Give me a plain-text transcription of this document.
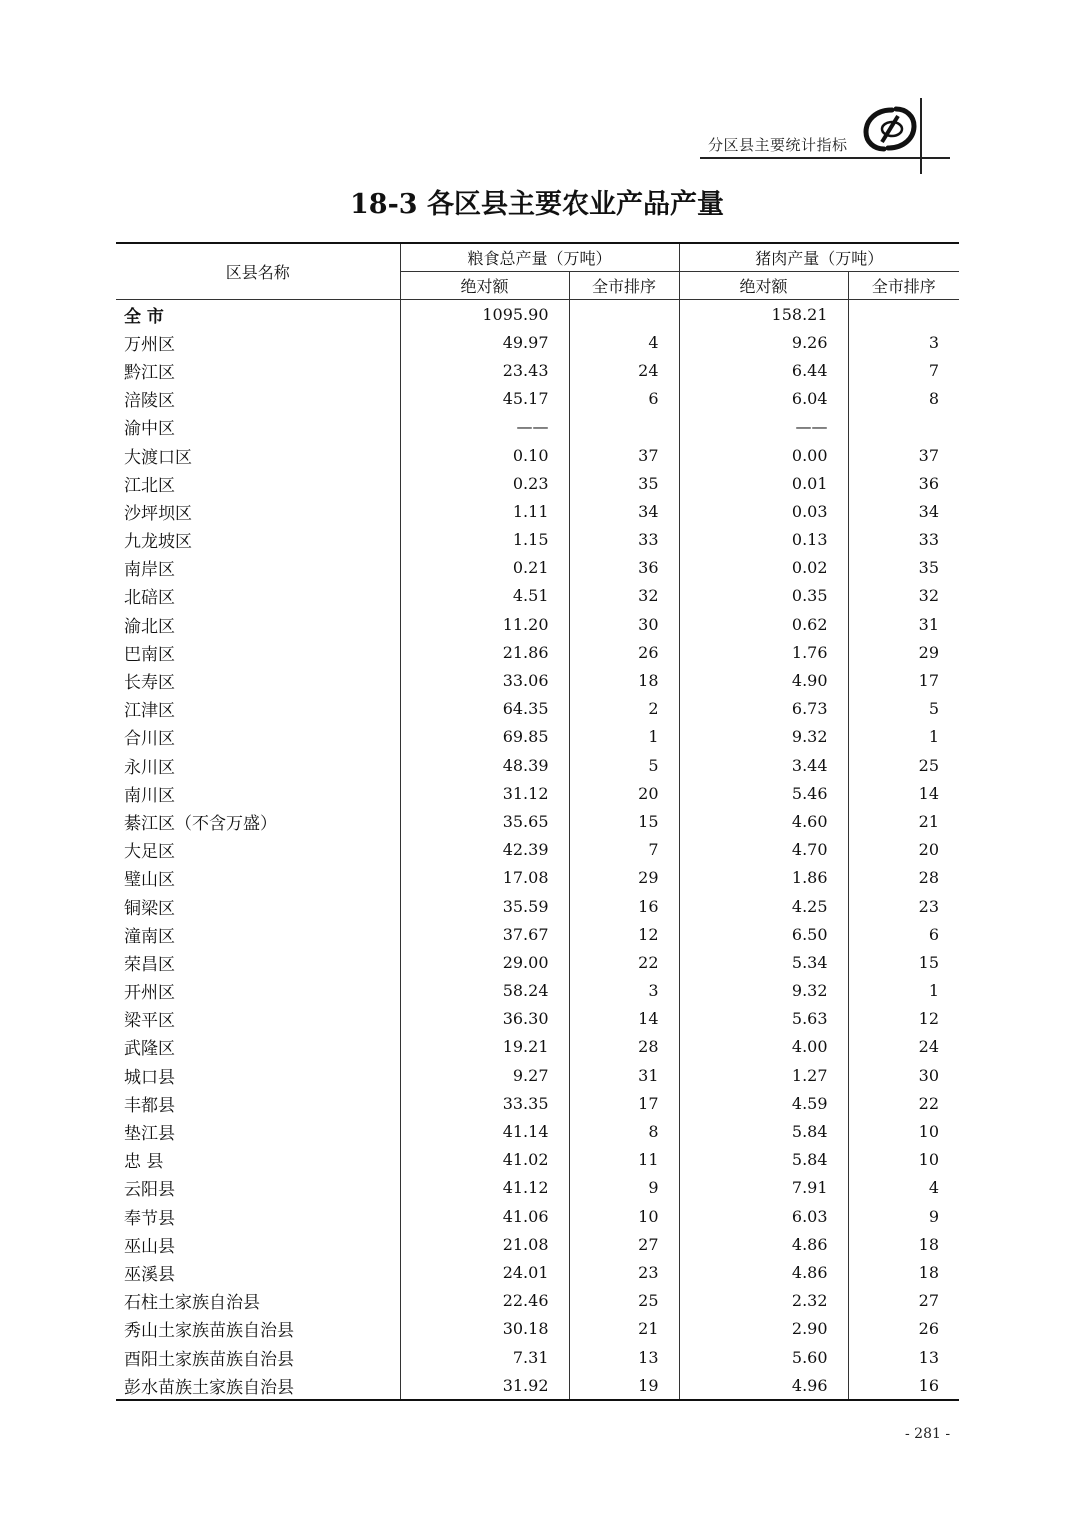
分区县主要统计指标
18-3 各区县主要农业产品产量
区县名称	粮食总产量（万吨）		猪肉产量（万吨）	
	绝对额	全市排序	绝对额	全市排序
全 市	1095.90		158.21	
万州区	49.97	4	9.26	3
黔江区	23.43	24	6.44	7
涪陵区	45.17	6	6.04	8
渝中区	——		——	
大渡口区	0.10	37	0.00	37
江北区	0.23	35	0.01	36
沙坪坝区	1.11	34	0.03	34
九龙坡区	1.15	33	0.13	33
南岸区	0.21	36	0.02	35
北碚区	4.51	32	0.35	32
渝北区	11.20	30	0.62	31
巴南区	21.86	26	1.76	29
长寿区	33.06	18	4.90	17
江津区	64.35	2	6.73	5
合川区	69.85	1	9.32	1
永川区	48.39	5	3.44	25
南川区	31.12	20	5.46	14
綦江区（不含万盛）	35.65	15	4.60	21
大足区	42.39	7	4.70	20
璧山区	17.08	29	1.86	28
铜梁区	35.59	16	4.25	23
潼南区	37.67	12	6.50	6
荣昌区	29.00	22	5.34	15
开州区	58.24	3	9.32	1
梁平区	36.30	14	5.63	12
武隆区	19.21	28	4.00	24
城口县	9.27	31	1.27	30
丰都县	33.35	17	4.59	22
垫江县	41.14	8	5.84	10
忠 县	41.02	11	5.84	10
云阳县	41.12	9	7.91	4
奉节县	41.06	10	6.03	9
巫山县	21.08	27	4.86	18
巫溪县	24.01	23	4.86	18
石柱土家族自治县	22.46	25	2.32	27
秀山土家族苗族自治县	30.18	21	2.90	26
酉阳土家族苗族自治县	7.31	13	5.60	13
彭水苗族土家族自治县	31.92	19	4.96	16
- 281 -
